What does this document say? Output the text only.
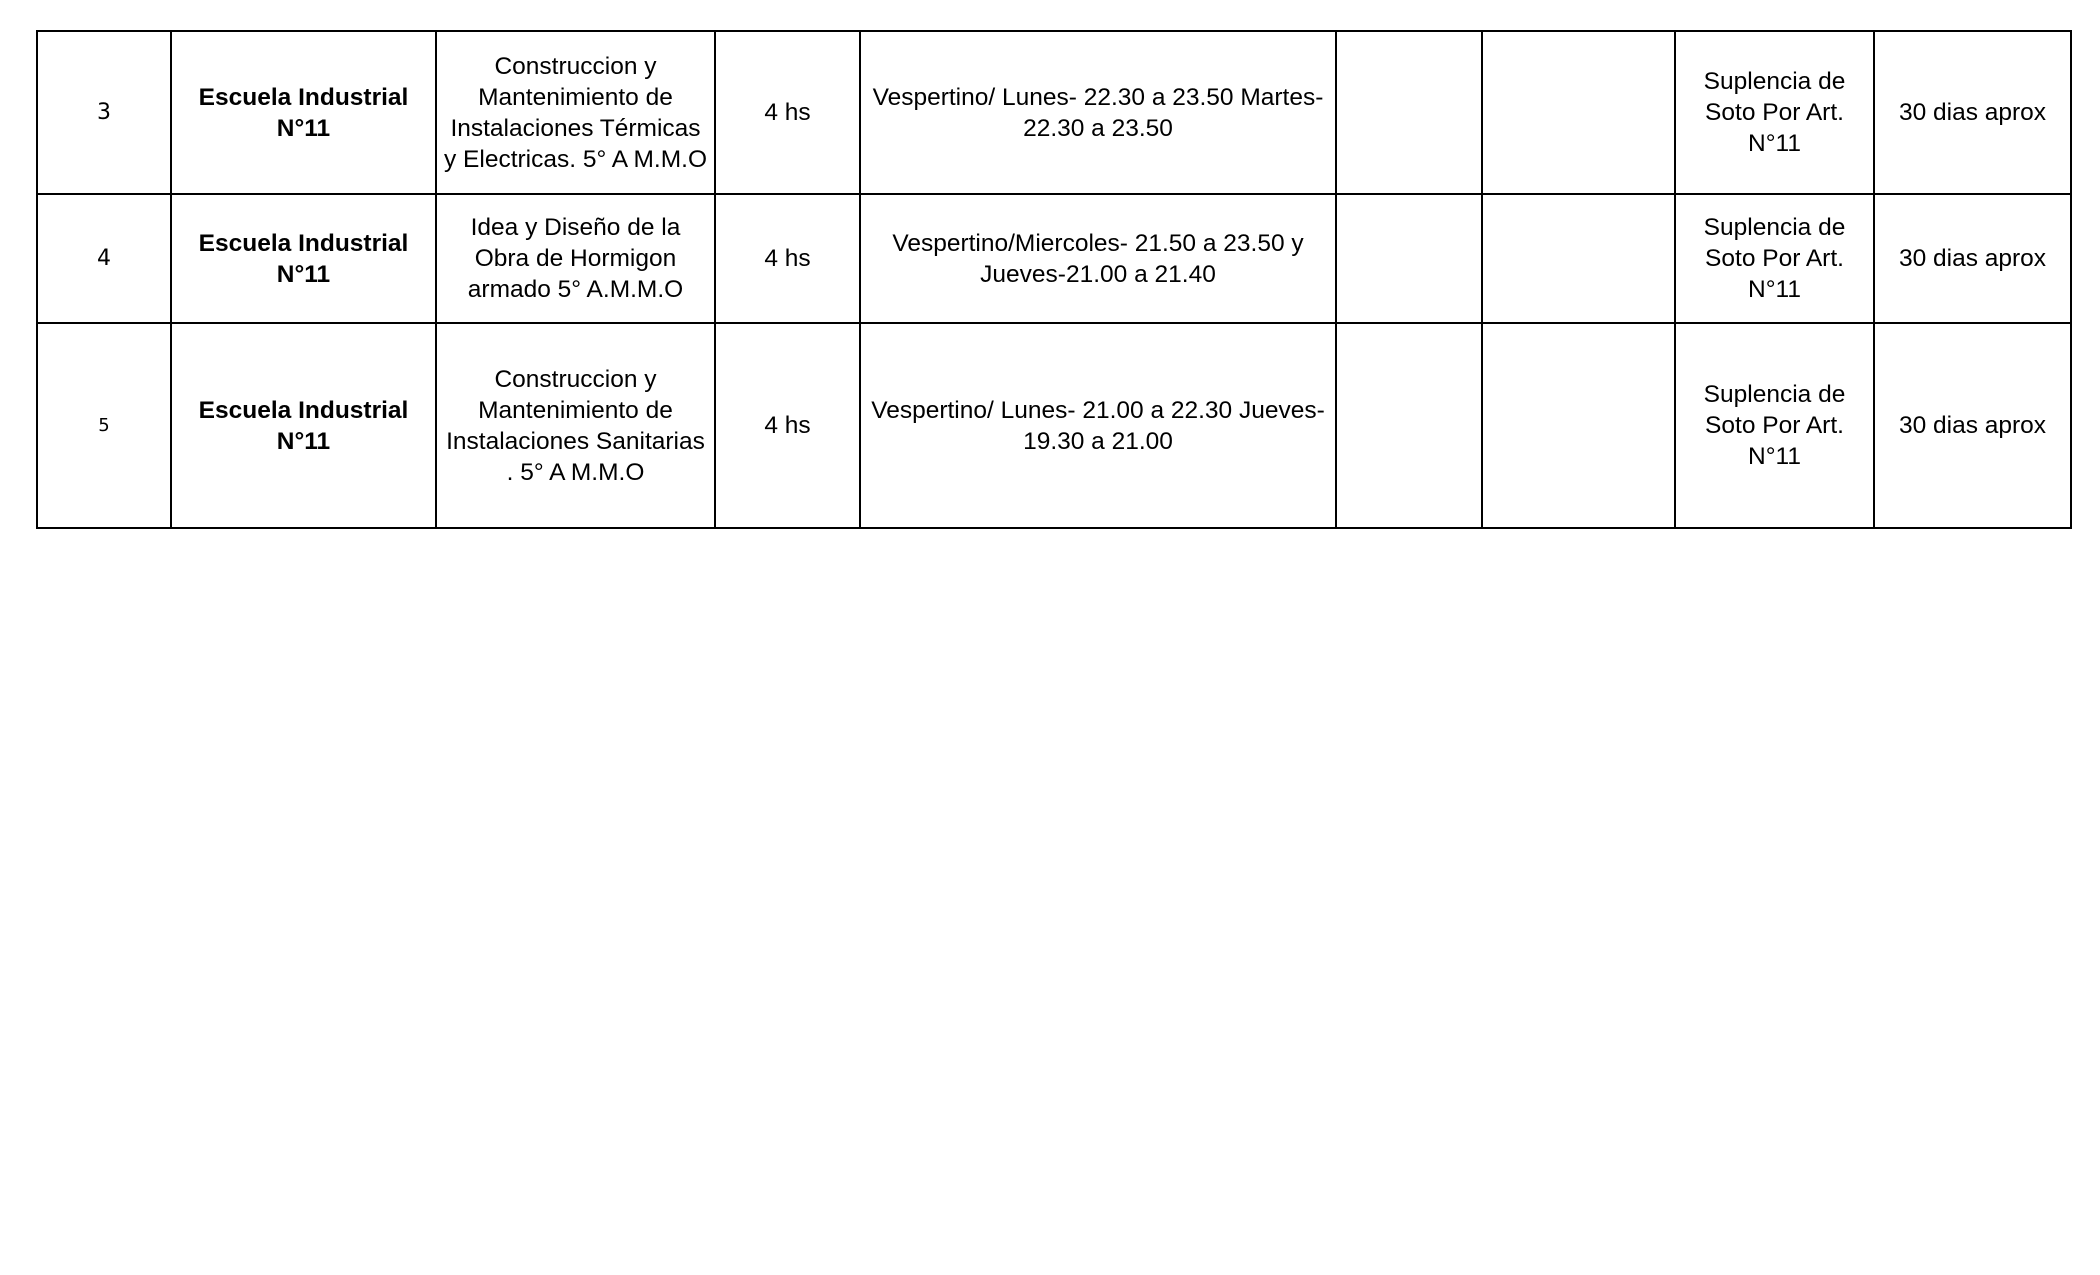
3	Escuela Industrial N°11	Construccion y Mantenimiento de Instalaciones Térmicas y Electricas. 5° A M.M.O	4 hs	Vespertino/ Lunes- 22.30 a 23.50 Martes- 22.30 a 23.50			Suplencia de Soto Por Art. N°11	30 dias aprox
4	Escuela Industrial N°11	Idea y Diseño de la Obra de Hormigon armado 5° A.M.M.O	4 hs	Vespertino/Miercoles- 21.50 a 23.50 y Jueves-21.00 a 21.40			Suplencia de Soto Por Art. N°11	30 dias aprox
5	Escuela Industrial N°11	Construccion y Mantenimiento de Instalaciones Sanitarias . 5° A M.M.O	4 hs	Vespertino/ Lunes- 21.00 a 22.30 Jueves- 19.30 a 21.00			Suplencia de Soto Por Art. N°11	30 dias aprox
